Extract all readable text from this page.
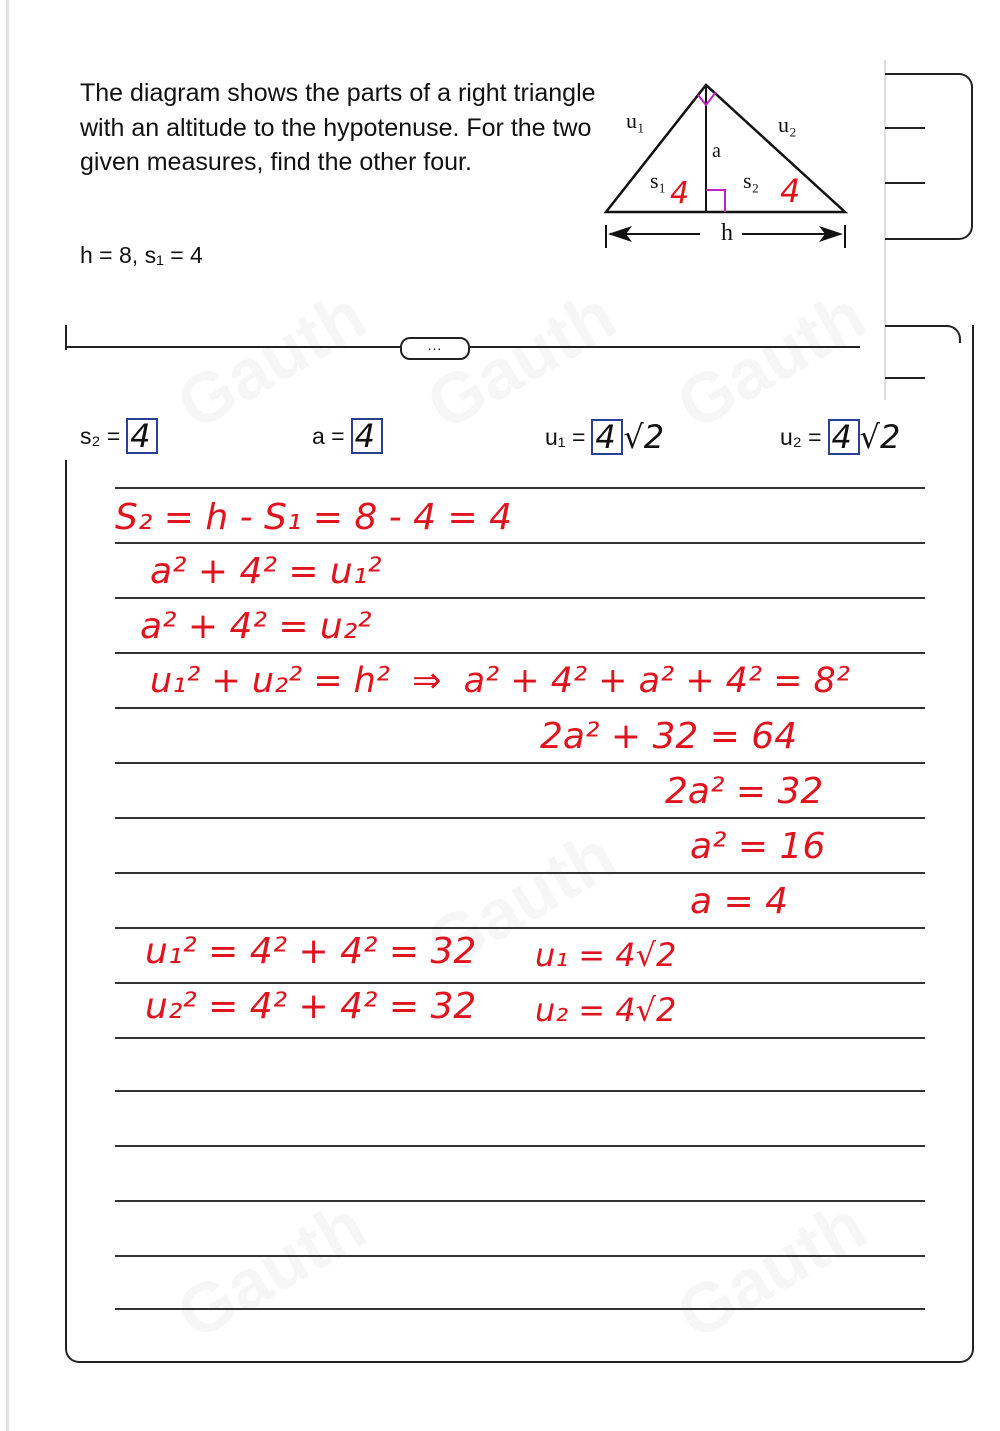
The diagram shows the parts of a right triangle with an altitude to the hypotenuse. For the two given measures, find the other four.
h = 8, s₁ = 4
u₁	u₂
a
s₁	s₂
h
4	4
...
s₂ = 4	a = 4	u₁ = 4 √2	u₂ = 4 √2
S₂ = h - S₁ = 8 - 4 = 4
a² + 4² = u₁²
a² + 4² = u₂²
u₁² + u₂² = h²  ⇒  a² + 4² + a² + 4² = 8²
2a² + 32 = 64
2a² = 32
a² = 16
a = 4
u₁² = 4² + 4² = 32 u₁ = 4√2
u₂² = 4² + 4² = 32 u₂ = 4√2
